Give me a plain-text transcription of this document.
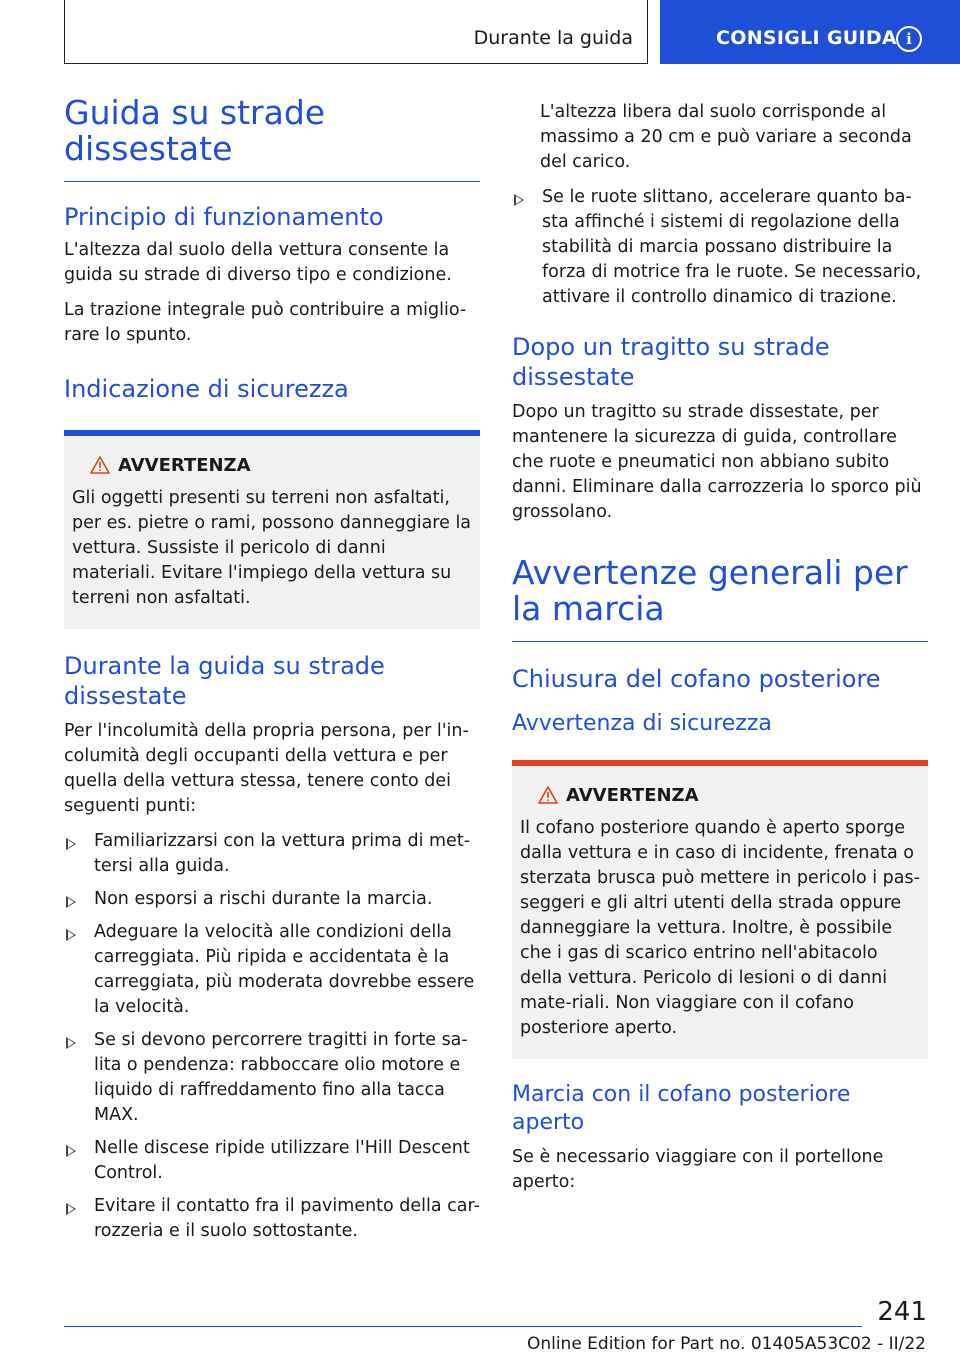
Durante la guida	CONSIGLI GUIDA i
Guida su strade dissestate
Principio di funzionamento

L'altezza dal suolo della vettura consente la guida su strade di diverso tipo e condizione.

La trazione integrale può contribuire a miglio-rare lo spunto.

Indicazione di sicurezza
AVVERTENZA

Gli oggetti presenti su terreni non asfaltati, per es. pietre o rami, possono danneggiare la vettura. Sussiste il pericolo di danni materiali. Evitare l'impiego della vettura su terreni non asfaltati.

Durante la guida su strade dissestate

Per l'incolumità della propria persona, per l'in-columità degli occupanti della vettura e per quella della vettura stessa, tenere conto dei seguenti punti:

Familiarizzarsi con la vettura prima di met-tersi alla guida.
Non esporsi a rischi durante la marcia.
Adeguare la velocità alle condizioni della carreggiata. Più ripida e accidentata è la carreggiata, più moderata dovrebbe essere la velocità.
Se si devono percorrere tragitti in forte sa-lita o pendenza: rabboccare olio motore e liquido di raffreddamento fino alla tacca MAX.
Nelle discese ripide utilizzare l'Hill Descent Control.
Evitare il contatto fra il pavimento della car-rozzeria e il suolo sottostante.

L'altezza libera dal suolo corrisponde al massimo a 20 cm e può variare a seconda del carico.

Se le ruote slittano, accelerare quanto ba-sta affinché i sistemi di regolazione della stabilità di marcia possano distribuire la forza di motrice fra le ruote. Se necessario, attivare il controllo dinamico di trazione.
Dopo un tragitto su strade dissestate

Dopo un tragitto su strade dissestate, per mantenere la sicurezza di guida, controllare che ruote e pneumatici non abbiano subito danni. Eliminare dalla carrozzeria lo sporco più grossolano.

Avvertenze generali per la marcia
Chiusura del cofano posteriore
Avvertenza di sicurezza
AVVERTENZA

Il cofano posteriore quando è aperto sporge dalla vettura e in caso di incidente, frenata o sterzata brusca può mettere in pericolo i pas-seggeri e gli altri utenti della strada oppure danneggiare la vettura. Inoltre, è possibile che i gas di scarico entrino nell'abitacolo della vettura. Pericolo di lesioni o di danni mate-riali. Non viaggiare con il cofano posteriore aperto.

Marcia con il cofano posteriore aperto

Se è necessario viaggiare con il portellone aperto:

241
Online Edition for Part no. 01405A53C02 - II/22
